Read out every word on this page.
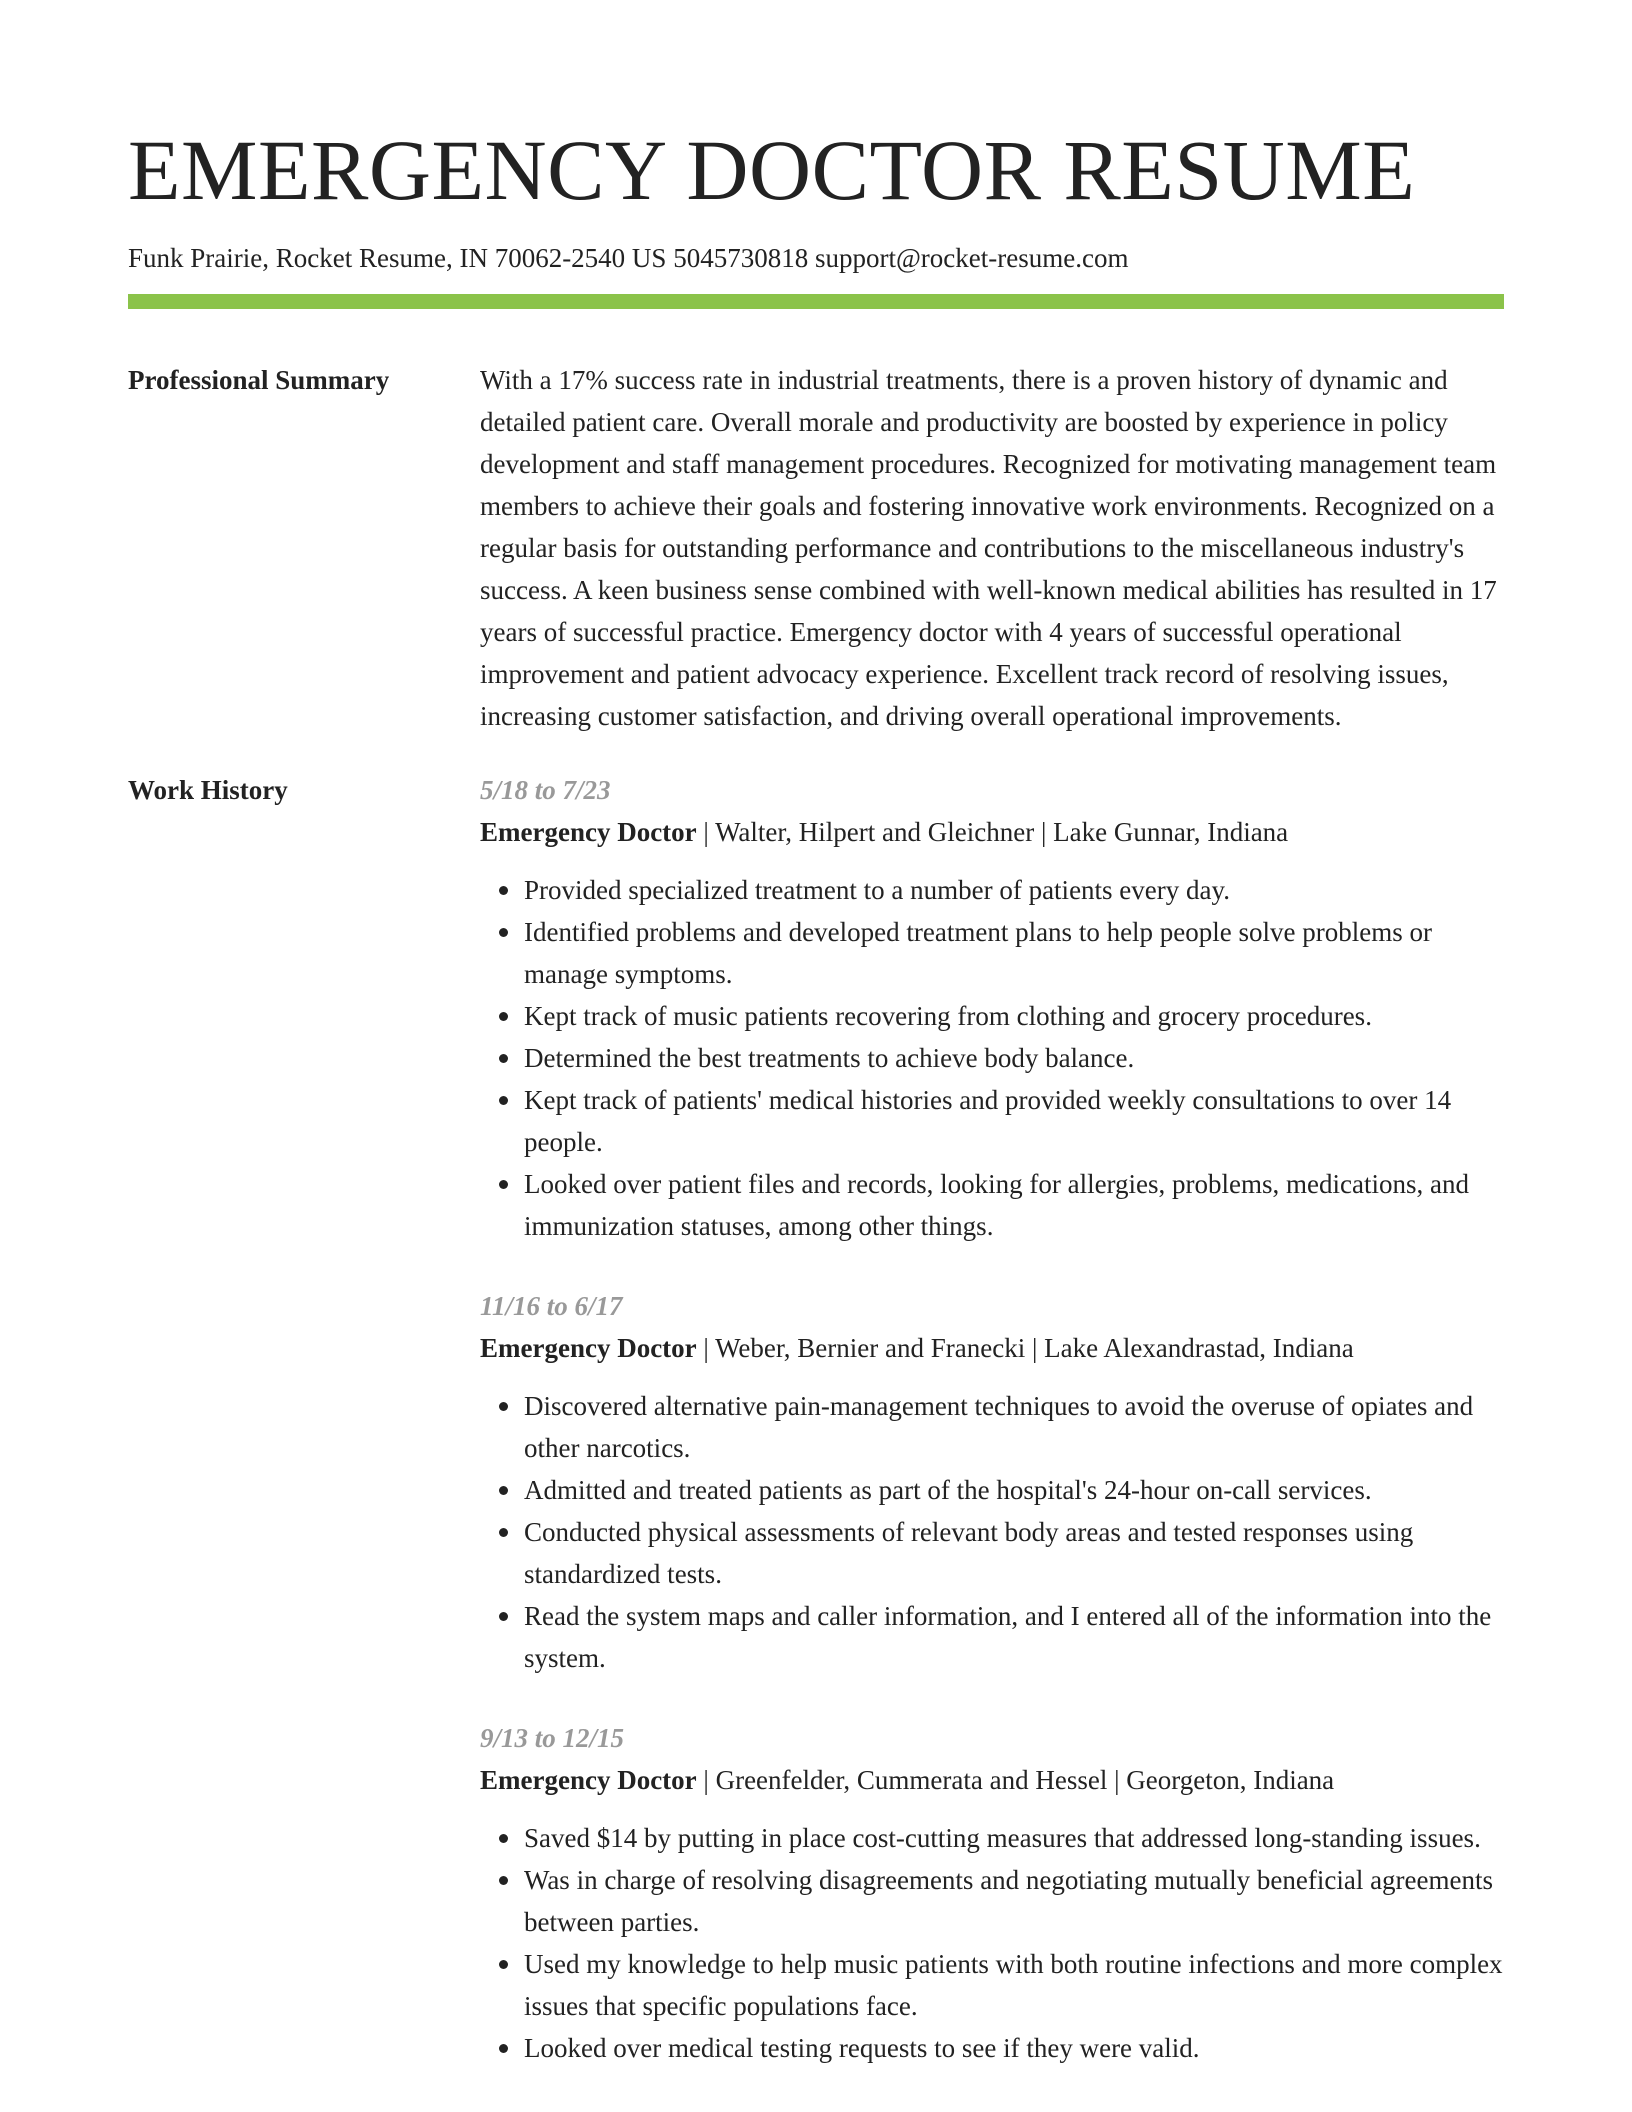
EMERGENCY DOCTOR RESUME
Funk Prairie, Rocket Resume, IN 70062-2540 US 5045730818 support@rocket-resume.com
Professional Summary	With a 17% success rate in industrial treatments, there is a proven history of dynamic and detailed patient care. Overall morale and productivity are boosted by experience in policy development and staff management procedures. Recognized for motivating management team members to achieve their goals and fostering innovative work environments. Recognized on a regular basis for outstanding performance and contributions to the miscellaneous industry's success. A keen business sense combined with well-known medical abilities has resulted in 17 years of successful practice. Emergency doctor with 4 years of successful operational improvement and patient advocacy experience. Excellent track record of resolving issues, increasing customer satisfaction, and driving overall operational improvements.

Work History	5/18 to 7/23
Emergency Doctor | Walter, Hilpert and Gleichner | Lake Gunnar, Indiana
Provided specialized treatment to a number of patients every day.
Identified problems and developed treatment plans to help people solve problems or manage symptoms.
Kept track of music patients recovering from clothing and grocery procedures.
Determined the best treatments to achieve body balance.
Kept track of patients' medical histories and provided weekly consultations to over 14 people.
Looked over patient files and records, looking for allergies, problems, medications, and immunization statuses, among other things.
11/16 to 6/17
Emergency Doctor | Weber, Bernier and Franecki | Lake Alexandrastad, Indiana
Discovered alternative pain-management techniques to avoid the overuse of opiates and other narcotics.
Admitted and treated patients as part of the hospital's 24-hour on-call services.
Conducted physical assessments of relevant body areas and tested responses using standardized tests.
Read the system maps and caller information, and I entered all of the information into the system.
9/13 to 12/15
Emergency Doctor | Greenfelder, Cummerata and Hessel | Georgeton, Indiana
Saved $14 by putting in place cost-cutting measures that addressed long-standing issues.
Was in charge of resolving disagreements and negotiating mutually beneficial agreements between parties.
Used my knowledge to help music patients with both routine infections and more complex issues that specific populations face.
Looked over medical testing requests to see if they were valid.
